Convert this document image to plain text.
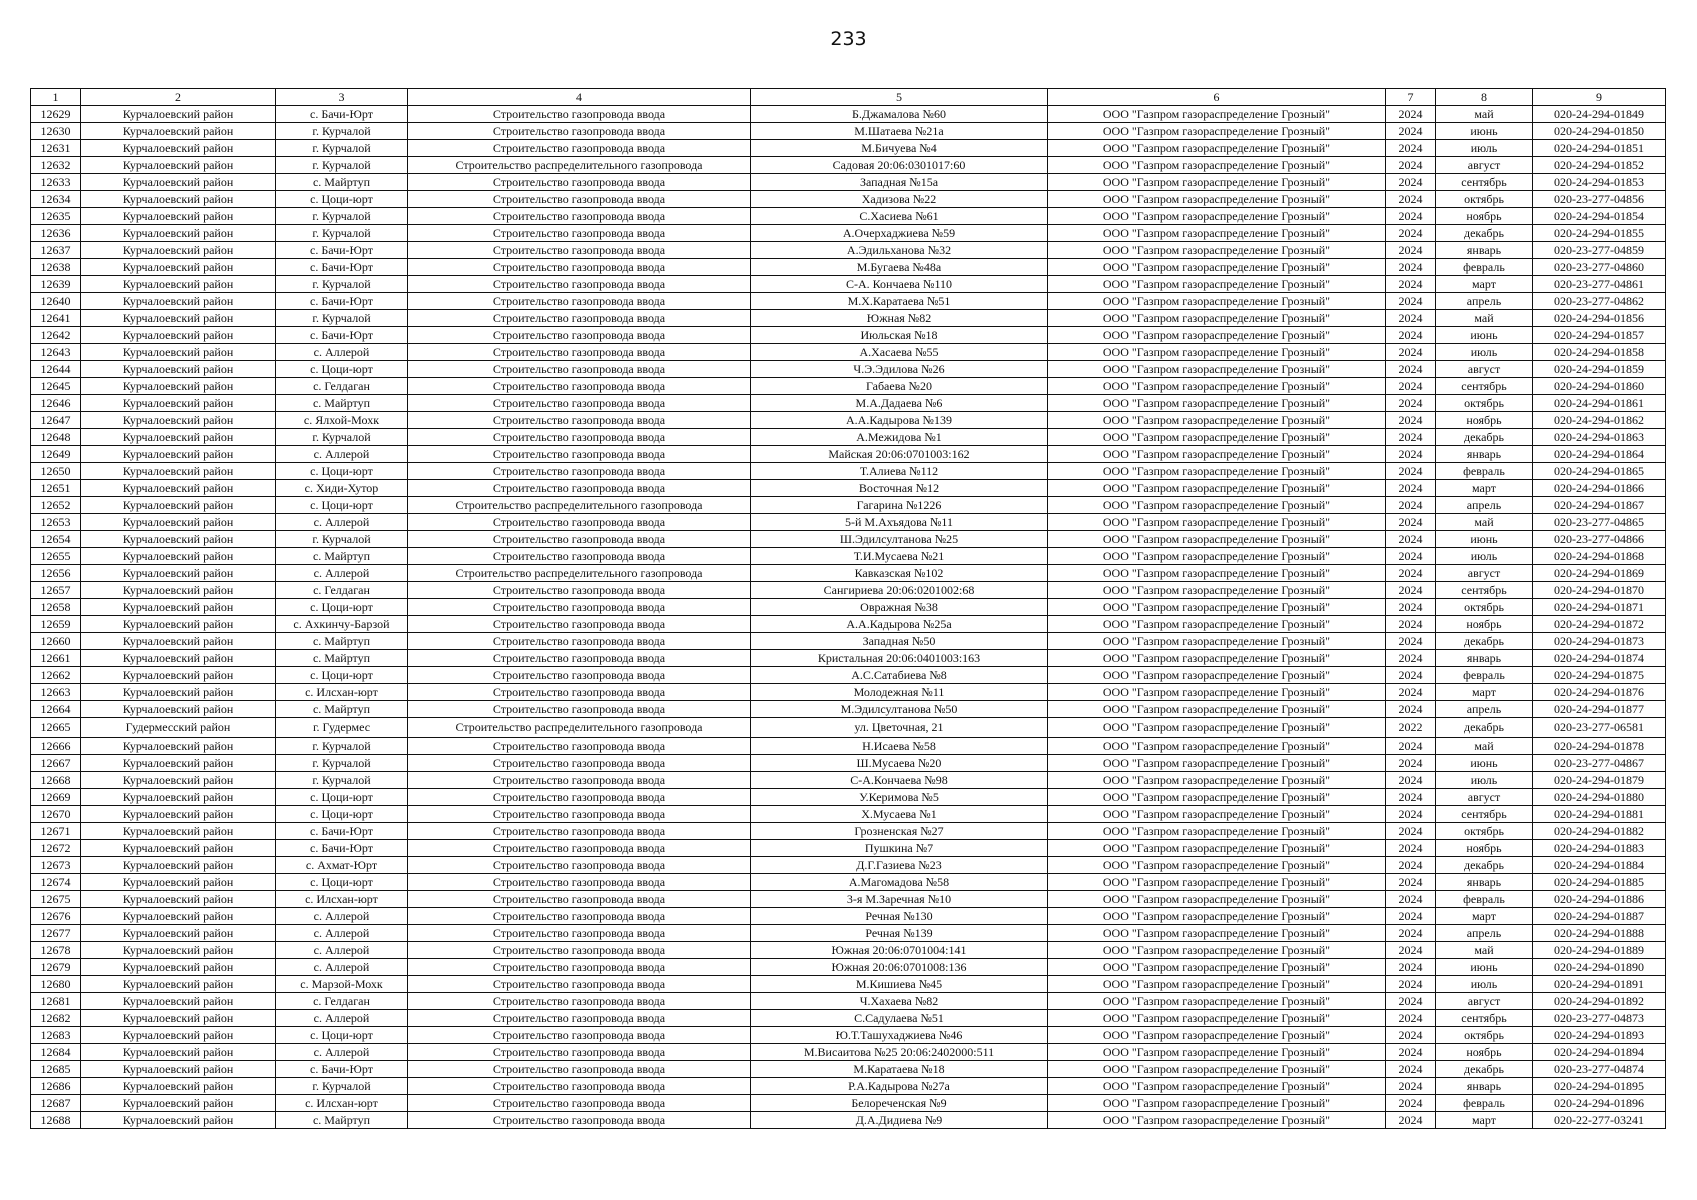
233
1	2	3	4	5	6	7	8	9
12629	Курчалоевский район	с. Бачи-Юрт	Строительство газопровода ввода	Б.Джамалова №60	ООО "Газпром газораспределение Грозный"	2024	май	020-24-294-01849
12630	Курчалоевский район	г. Курчалой	Строительство газопровода ввода	М.Шатаева №21а	ООО "Газпром газораспределение Грозный"	2024	июнь	020-24-294-01850
12631	Курчалоевский район	г. Курчалой	Строительство газопровода ввода	М.Бичуева №4	ООО "Газпром газораспределение Грозный"	2024	июль	020-24-294-01851
12632	Курчалоевский район	г. Курчалой	Строительство распределительного газопровода	Садовая 20:06:0301017:60	ООО "Газпром газораспределение Грозный"	2024	август	020-24-294-01852
12633	Курчалоевский район	с. Майртуп	Строительство газопровода ввода	Западная №15а	ООО "Газпром газораспределение Грозный"	2024	сентябрь	020-24-294-01853
12634	Курчалоевский район	с. Цоци-юрт	Строительство газопровода ввода	Хадизова №22	ООО "Газпром газораспределение Грозный"	2024	октябрь	020-23-277-04856
12635	Курчалоевский район	г. Курчалой	Строительство газопровода ввода	С.Хасиева №61	ООО "Газпром газораспределение Грозный"	2024	ноябрь	020-24-294-01854
12636	Курчалоевский район	г. Курчалой	Строительство газопровода ввода	А.Очерхаджиева №59	ООО "Газпром газораспределение Грозный"	2024	декабрь	020-24-294-01855
12637	Курчалоевский район	с. Бачи-Юрт	Строительство газопровода ввода	А.Эдильханова №32	ООО "Газпром газораспределение Грозный"	2024	январь	020-23-277-04859
12638	Курчалоевский район	с. Бачи-Юрт	Строительство газопровода ввода	М.Бугаева №48а	ООО "Газпром газораспределение Грозный"	2024	февраль	020-23-277-04860
12639	Курчалоевский район	г. Курчалой	Строительство газопровода ввода	С-А. Кончаева №110	ООО "Газпром газораспределение Грозный"	2024	март	020-23-277-04861
12640	Курчалоевский район	с. Бачи-Юрт	Строительство газопровода ввода	М.Х.Каратаева №51	ООО "Газпром газораспределение Грозный"	2024	апрель	020-23-277-04862
12641	Курчалоевский район	г. Курчалой	Строительство газопровода ввода	Южная №82	ООО "Газпром газораспределение Грозный"	2024	май	020-24-294-01856
12642	Курчалоевский район	с. Бачи-Юрт	Строительство газопровода ввода	Июльская №18	ООО "Газпром газораспределение Грозный"	2024	июнь	020-24-294-01857
12643	Курчалоевский район	с. Аллерой	Строительство газопровода ввода	А.Хасаева №55	ООО "Газпром газораспределение Грозный"	2024	июль	020-24-294-01858
12644	Курчалоевский район	с. Цоци-юрт	Строительство газопровода ввода	Ч.Э.Эдилова №26	ООО "Газпром газораспределение Грозный"	2024	август	020-24-294-01859
12645	Курчалоевский район	с. Гелдаган	Строительство газопровода ввода	Габаева №20	ООО "Газпром газораспределение Грозный"	2024	сентябрь	020-24-294-01860
12646	Курчалоевский район	с. Майртуп	Строительство газопровода ввода	М.А.Дадаева №6	ООО "Газпром газораспределение Грозный"	2024	октябрь	020-24-294-01861
12647	Курчалоевский район	с. Ялхой-Мохк	Строительство газопровода ввода	А.А.Кадырова №139	ООО "Газпром газораспределение Грозный"	2024	ноябрь	020-24-294-01862
12648	Курчалоевский район	г. Курчалой	Строительство газопровода ввода	А.Межидова №1	ООО "Газпром газораспределение Грозный"	2024	декабрь	020-24-294-01863
12649	Курчалоевский район	с. Аллерой	Строительство газопровода ввода	Майская 20:06:0701003:162	ООО "Газпром газораспределение Грозный"	2024	январь	020-24-294-01864
12650	Курчалоевский район	с. Цоци-юрт	Строительство газопровода ввода	Т.Алиева №112	ООО "Газпром газораспределение Грозный"	2024	февраль	020-24-294-01865
12651	Курчалоевский район	с. Хиди-Хутор	Строительство газопровода ввода	Восточная №12	ООО "Газпром газораспределение Грозный"	2024	март	020-24-294-01866
12652	Курчалоевский район	с. Цоци-юрт	Строительство распределительного газопровода	Гагарина №1226	ООО "Газпром газораспределение Грозный"	2024	апрель	020-24-294-01867
12653	Курчалоевский район	с. Аллерой	Строительство газопровода ввода	5-й М.Ахъядова №11	ООО "Газпром газораспределение Грозный"	2024	май	020-23-277-04865
12654	Курчалоевский район	г. Курчалой	Строительство газопровода ввода	Ш.Эдилсултанова №25	ООО "Газпром газораспределение Грозный"	2024	июнь	020-23-277-04866
12655	Курчалоевский район	с. Майртуп	Строительство газопровода ввода	Т.И.Мусаева №21	ООО "Газпром газораспределение Грозный"	2024	июль	020-24-294-01868
12656	Курчалоевский район	с. Аллерой	Строительство распределительного газопровода	Кавказская №102	ООО "Газпром газораспределение Грозный"	2024	август	020-24-294-01869
12657	Курчалоевский район	с. Гелдаган	Строительство газопровода ввода	Сангириева 20:06:0201002:68	ООО "Газпром газораспределение Грозный"	2024	сентябрь	020-24-294-01870
12658	Курчалоевский район	с. Цоци-юрт	Строительство газопровода ввода	Овражная №38	ООО "Газпром газораспределение Грозный"	2024	октябрь	020-24-294-01871
12659	Курчалоевский район	с. Ахкинчу-Барзой	Строительство газопровода ввода	А.А.Кадырова №25а	ООО "Газпром газораспределение Грозный"	2024	ноябрь	020-24-294-01872
12660	Курчалоевский район	с. Майртуп	Строительство газопровода ввода	Западная №50	ООО "Газпром газораспределение Грозный"	2024	декабрь	020-24-294-01873
12661	Курчалоевский район	с. Майртуп	Строительство газопровода ввода	Кристальная 20:06:0401003:163	ООО "Газпром газораспределение Грозный"	2024	январь	020-24-294-01874
12662	Курчалоевский район	с. Цоци-юрт	Строительство газопровода ввода	А.С.Сатабиева №8	ООО "Газпром газораспределение Грозный"	2024	февраль	020-24-294-01875
12663	Курчалоевский район	с. Илсхан-юрт	Строительство газопровода ввода	Молодежная №11	ООО "Газпром газораспределение Грозный"	2024	март	020-24-294-01876
12664	Курчалоевский район	с. Майртуп	Строительство газопровода ввода	М.Эдилсултанова №50	ООО "Газпром газораспределение Грозный"	2024	апрель	020-24-294-01877
12665	Гудермесский район	г. Гудермес	Строительство распределительного газопровода	ул. Цветочная, 21	ООО "Газпром газораспределение Грозный"	2022	декабрь	020-23-277-06581
12666	Курчалоевский район	г. Курчалой	Строительство газопровода ввода	Н.Исаева №58	ООО "Газпром газораспределение Грозный"	2024	май	020-24-294-01878
12667	Курчалоевский район	г. Курчалой	Строительство газопровода ввода	Ш.Мусаева №20	ООО "Газпром газораспределение Грозный"	2024	июнь	020-23-277-04867
12668	Курчалоевский район	г. Курчалой	Строительство газопровода ввода	С-А.Кончаева №98	ООО "Газпром газораспределение Грозный"	2024	июль	020-24-294-01879
12669	Курчалоевский район	с. Цоци-юрт	Строительство газопровода ввода	У.Керимова №5	ООО "Газпром газораспределение Грозный"	2024	август	020-24-294-01880
12670	Курчалоевский район	с. Цоци-юрт	Строительство газопровода ввода	Х.Мусаева №1	ООО "Газпром газораспределение Грозный"	2024	сентябрь	020-24-294-01881
12671	Курчалоевский район	с. Бачи-Юрт	Строительство газопровода ввода	Грозненская №27	ООО "Газпром газораспределение Грозный"	2024	октябрь	020-24-294-01882
12672	Курчалоевский район	с. Бачи-Юрт	Строительство газопровода ввода	Пушкина №7	ООО "Газпром газораспределение Грозный"	2024	ноябрь	020-24-294-01883
12673	Курчалоевский район	с. Ахмат-Юрт	Строительство газопровода ввода	Д.Г.Газиева №23	ООО "Газпром газораспределение Грозный"	2024	декабрь	020-24-294-01884
12674	Курчалоевский район	с. Цоци-юрт	Строительство газопровода ввода	А.Магомадова №58	ООО "Газпром газораспределение Грозный"	2024	январь	020-24-294-01885
12675	Курчалоевский район	с. Илсхан-юрт	Строительство газопровода ввода	3-я М.Заречная №10	ООО "Газпром газораспределение Грозный"	2024	февраль	020-24-294-01886
12676	Курчалоевский район	с. Аллерой	Строительство газопровода ввода	Речная №130	ООО "Газпром газораспределение Грозный"	2024	март	020-24-294-01887
12677	Курчалоевский район	с. Аллерой	Строительство газопровода ввода	Речная №139	ООО "Газпром газораспределение Грозный"	2024	апрель	020-24-294-01888
12678	Курчалоевский район	с. Аллерой	Строительство газопровода ввода	Южная 20:06:0701004:141	ООО "Газпром газораспределение Грозный"	2024	май	020-24-294-01889
12679	Курчалоевский район	с. Аллерой	Строительство газопровода ввода	Южная 20:06:0701008:136	ООО "Газпром газораспределение Грозный"	2024	июнь	020-24-294-01890
12680	Курчалоевский район	с. Марзой-Мохк	Строительство газопровода ввода	М.Кишиева №45	ООО "Газпром газораспределение Грозный"	2024	июль	020-24-294-01891
12681	Курчалоевский район	с. Гелдаган	Строительство газопровода ввода	Ч.Хахаева №82	ООО "Газпром газораспределение Грозный"	2024	август	020-24-294-01892
12682	Курчалоевский район	с. Аллерой	Строительство газопровода ввода	С.Садулаева №51	ООО "Газпром газораспределение Грозный"	2024	сентябрь	020-23-277-04873
12683	Курчалоевский район	с. Цоци-юрт	Строительство газопровода ввода	Ю.Т.Ташухаджиева №46	ООО "Газпром газораспределение Грозный"	2024	октябрь	020-24-294-01893
12684	Курчалоевский район	с. Аллерой	Строительство газопровода ввода	М.Висаитова №25 20:06:2402000:511	ООО "Газпром газораспределение Грозный"	2024	ноябрь	020-24-294-01894
12685	Курчалоевский район	с. Бачи-Юрт	Строительство газопровода ввода	М.Каратаева №18	ООО "Газпром газораспределение Грозный"	2024	декабрь	020-23-277-04874
12686	Курчалоевский район	г. Курчалой	Строительство газопровода ввода	Р.А.Кадырова №27а	ООО "Газпром газораспределение Грозный"	2024	январь	020-24-294-01895
12687	Курчалоевский район	с. Илсхан-юрт	Строительство газопровода ввода	Белореченская №9	ООО "Газпром газораспределение Грозный"	2024	февраль	020-24-294-01896
12688	Курчалоевский район	с. Майртуп	Строительство газопровода ввода	Д.А.Дидиева №9	ООО "Газпром газораспределение Грозный"	2024	март	020-22-277-03241
